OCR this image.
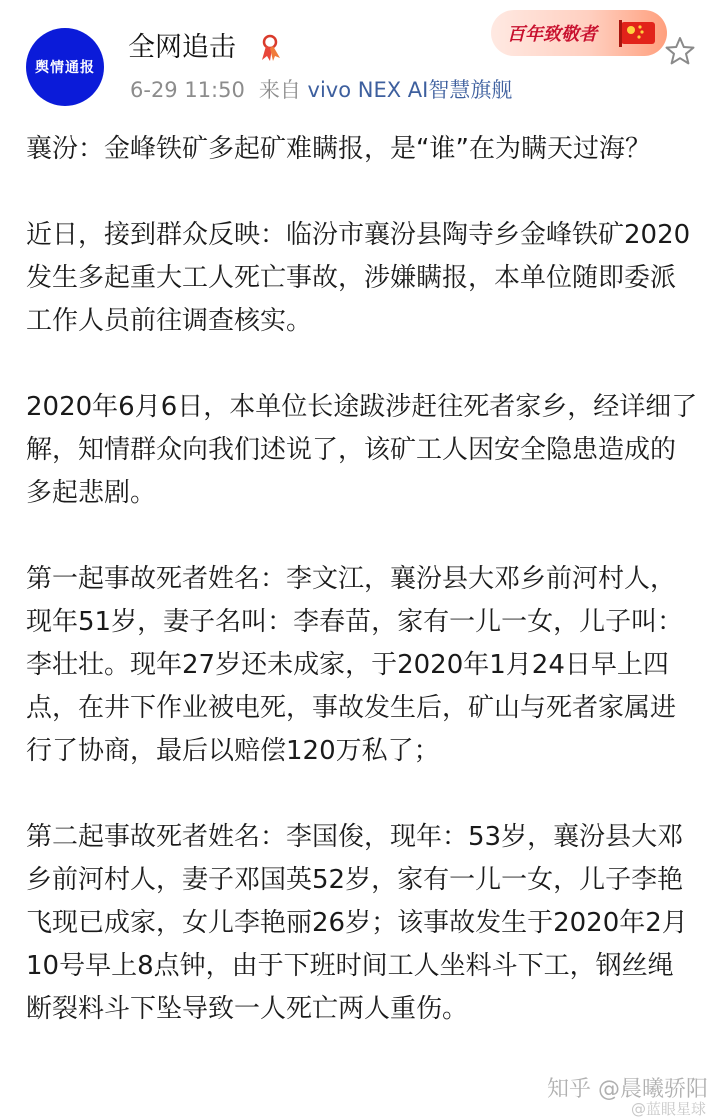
舆情通报
全网追击
6-29 11:50 来自 vivo NEX AI智慧旗舰
百年致敬者

襄汾：金峰铁矿多起矿难瞒报，是“谁”在为瞒天过海？

近日，接到群众反映：临汾市襄汾县陶寺乡金峰铁矿2020发生多起重大工人死亡事故，涉嫌瞒报，本单位随即委派工作人员前往调查核实。

2020年6月6日，本单位长途跋涉赶往死者家乡，经详细了解，知情群众向我们述说了，该矿工人因安全隐患造成的多起悲剧。

第一起事故死者姓名：李文江，襄汾县大邓乡前河村人，现年51岁，妻子名叫：李春苗，家有一儿一女，儿子叫：李壮壮。现年27岁还未成家，于2020年1月24日早上四点，在井下作业被电死，事故发生后，矿山与死者家属进行了协商，最后以赔偿120万私了；

第二起事故死者姓名：李国俊，现年：53岁，襄汾县大邓乡前河村人，妻子邓国英52岁，家有一儿一女，儿子李艳飞现已成家，女儿李艳丽26岁；该事故发生于2020年2月10号早上8点钟，由于下班时间工人坐料斗下工，钢丝绳断裂料斗下坠导致一人死亡两人重伤。

知乎 @晨曦骄阳
@蓝眼星球
